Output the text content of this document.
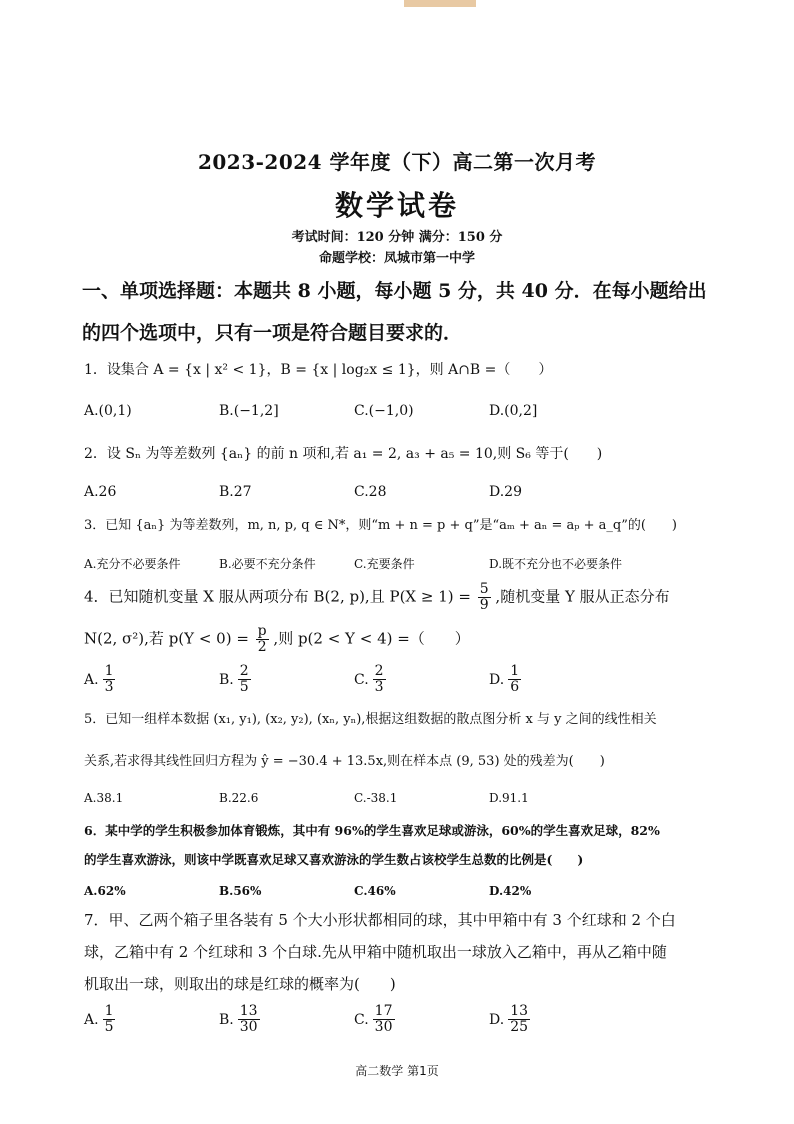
2023-2024 学年度（下）高二第一次月考
数学试卷
考试时间：120 分钟 满分：150 分
命题学校：凤城市第一中学
一、单项选择题：本题共 8 小题，每小题 5 分，共 40 分．在每小题给出的四个选项中，只有一项是符合题目要求的．
1．设集合 A = {x | x² < 1}，B = {x | log₂x ≤ 1}，则 A∩B =（　　）
A.(0,1)	B.(−1,2]	C.(−1,0)	D.(0,2]
2．设 Sₙ 为等差数列 {aₙ} 的前 n 项和,若 a₁ = 2, a₃ + a₅ = 10,则 S₆ 等于(　　)
A.26	B.27	C.28	D.29
3．已知 {aₙ} 为等差数列，m, n, p, q ∈ N*，则“m + n = p + q”是“aₘ + aₙ = aₚ + a_q”的(　　)
A.充分不必要条件	B.必要不充分条件	C.充要条件	D.既不充分也不必要条件
4．已知随机变量 X 服从两项分布 B(2, p),且 $P(X \ge 1) = \frac{5}{9}$ ,随机变量 Y 服从正态分布
N(2, σ²),若 $p(Y < 0) = \frac{p}{2}$ ,则 p(2 < Y < 4) =（　　）
A. $\frac{1}{3}$	B. $\frac{2}{5}$	C. $\frac{2}{3}$	D. $\frac{1}{6}$
5．已知一组样本数据 (x₁, y₁), (x₂, y₂), (xₙ, yₙ),根据这组数据的散点图分析 x 与 y 之间的线性相关
关系,若求得其线性回归方程为 ŷ = −30.4 + 13.5x,则在样本点 (9, 53) 处的残差为(　　)
A.38.1	B.22.6	C.-38.1	D.91.1
6．某中学的学生积极参加体育锻炼，其中有 96%的学生喜欢足球或游泳，60%的学生喜欢足球，82%
的学生喜欢游泳，则该中学既喜欢足球又喜欢游泳的学生数占该校学生总数的比例是(　　)
A.62%	B.56%	C.46%	D.42%
7．甲、乙两个箱子里各装有 5 个大小形状都相同的球，其中甲箱中有 3 个红球和 2 个白
球，乙箱中有 2 个红球和 3 个白球.先从甲箱中随机取出一球放入乙箱中，再从乙箱中随
机取出一球，则取出的球是红球的概率为(　　)
A. $\frac{1}{5}$	B. $\frac{13}{30}$	C. $\frac{17}{30}$	D. $\frac{13}{25}$
高二数学 第1页
